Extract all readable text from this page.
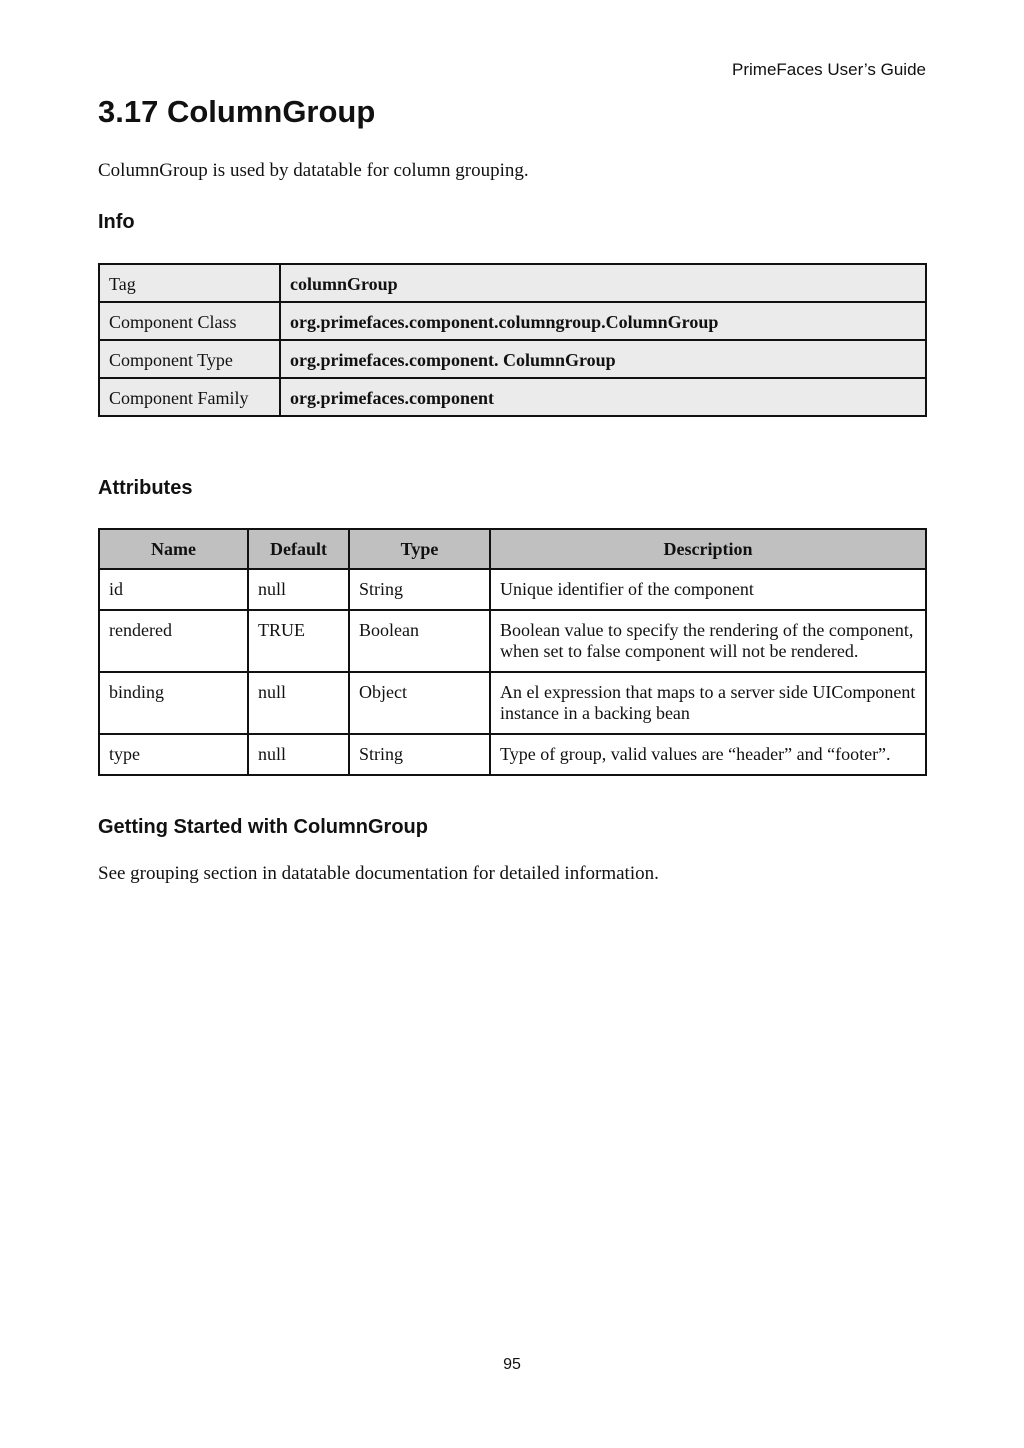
PrimeFaces User’s Guide
3.17 ColumnGroup

ColumnGroup is used by datatable for column grouping.

Info
Tag	columnGroup
Component Class	org.primefaces.component.columngroup.ColumnGroup
Component Type	org.primefaces.component. ColumnGroup
Component Family	org.primefaces.component
Attributes
Name	Default	Type	Description
id	null	String	Unique identifier of the component
rendered	TRUE	Boolean	Boolean value to specify the rendering of the component, when set to false component will not be rendered.
binding	null	Object	An el expression that maps to a server side UIComponent instance in a backing bean
type	null	String	Type of group, valid values are “header” and “footer”.
Getting Started with ColumnGroup

See grouping section in datatable documentation for detailed information.

95
